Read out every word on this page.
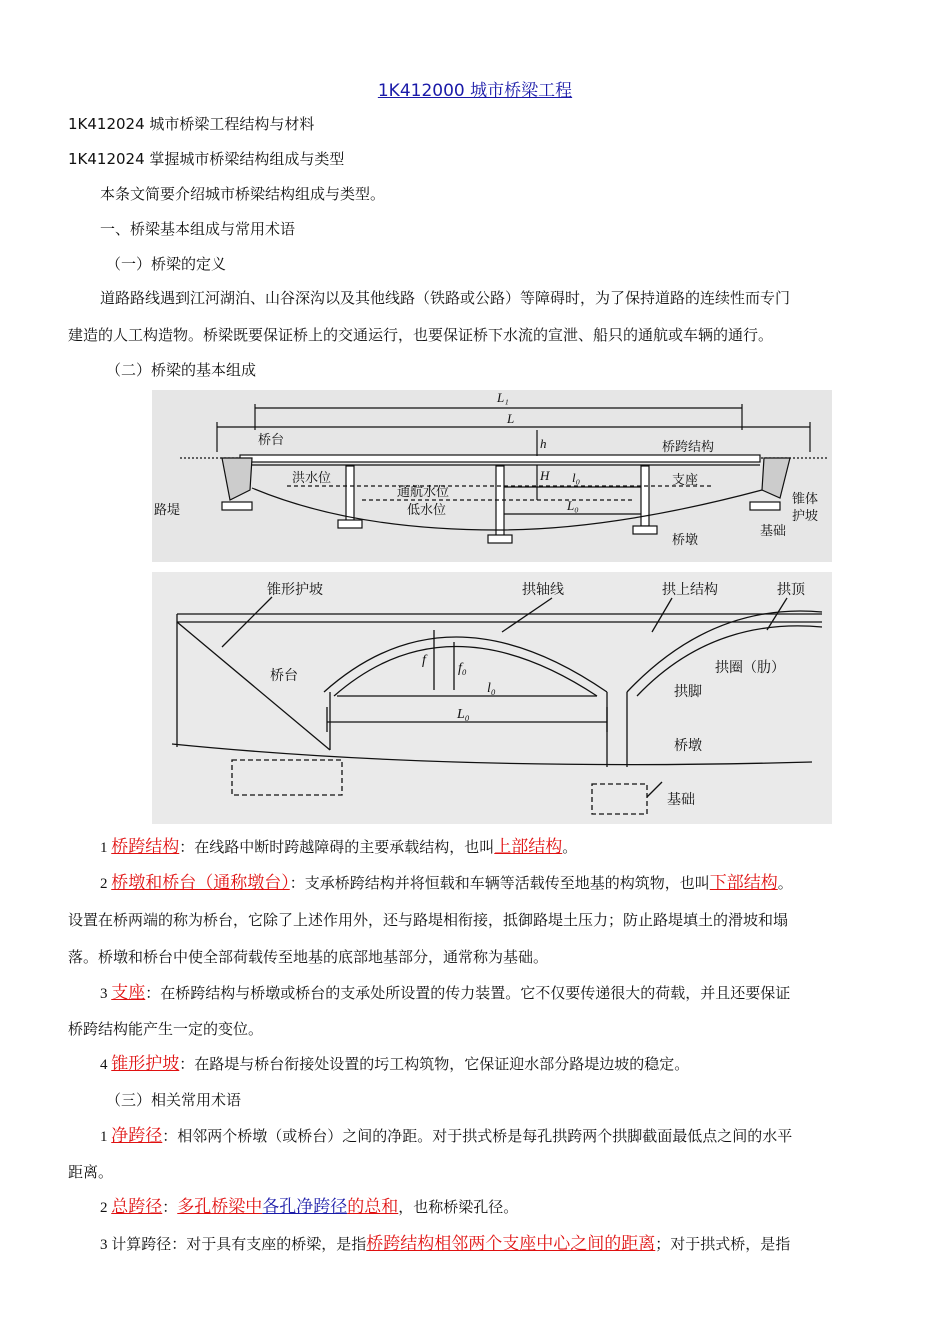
1K412000 城市桥梁工程
1K412024 城市桥梁工程结构与材料
1K412024 掌握城市桥梁结构组成与类型
本条文简要介绍城市桥梁结构组成与类型。
一、桥梁基本组成与常用术语
（一）桥梁的定义
道路路线遇到江河湖泊、山谷深沟以及其他线路（铁路或公路）等障碍时，为了保持道路的连续性而专门
建造的人工构造物。桥梁既要保证桥上的交通运行，也要保证桥下水流的宣泄、船只的通航或车辆的通行。
（二）桥梁的基本组成
L₁
L
h
H l₀
L₀
桥台
路堤
洪水位
通航水位
低水位
桥跨结构
支座
桥墩
锥体
护坡
基础
锥形护坡	拱轴线	拱上结构	拱顶
桥台
f
f₀
l₀
L₀
拱圈（肋）
拱脚
桥墩
基础
1 桥跨结构：在线路中断时跨越障碍的主要承载结构，也叫上部结构。
2 桥墩和桥台（通称墩台）：支承桥跨结构并将恒载和车辆等活载传至地基的构筑物，也叫下部结构。
设置在桥两端的称为桥台，它除了上述作用外，还与路堤相衔接，抵御路堤土压力；防止路堤填土的滑坡和塌
落。桥墩和桥台中使全部荷载传至地基的底部地基部分，通常称为基础。
3 支座：在桥跨结构与桥墩或桥台的支承处所设置的传力装置。它不仅要传递很大的荷载，并且还要保证
桥跨结构能产生一定的变位。
4 锥形护坡：在路堤与桥台衔接处设置的圬工构筑物，它保证迎水部分路堤边坡的稳定。
（三）相关常用术语
1 净跨径：相邻两个桥墩（或桥台）之间的净距。对于拱式桥是每孔拱跨两个拱脚截面最低点之间的水平
距离。
2 总跨径：多孔桥梁中各孔净跨径的总和，也称桥梁孔径。
3 计算跨径：对于具有支座的桥梁，是指桥跨结构相邻两个支座中心之间的距离；对于拱式桥，是指
